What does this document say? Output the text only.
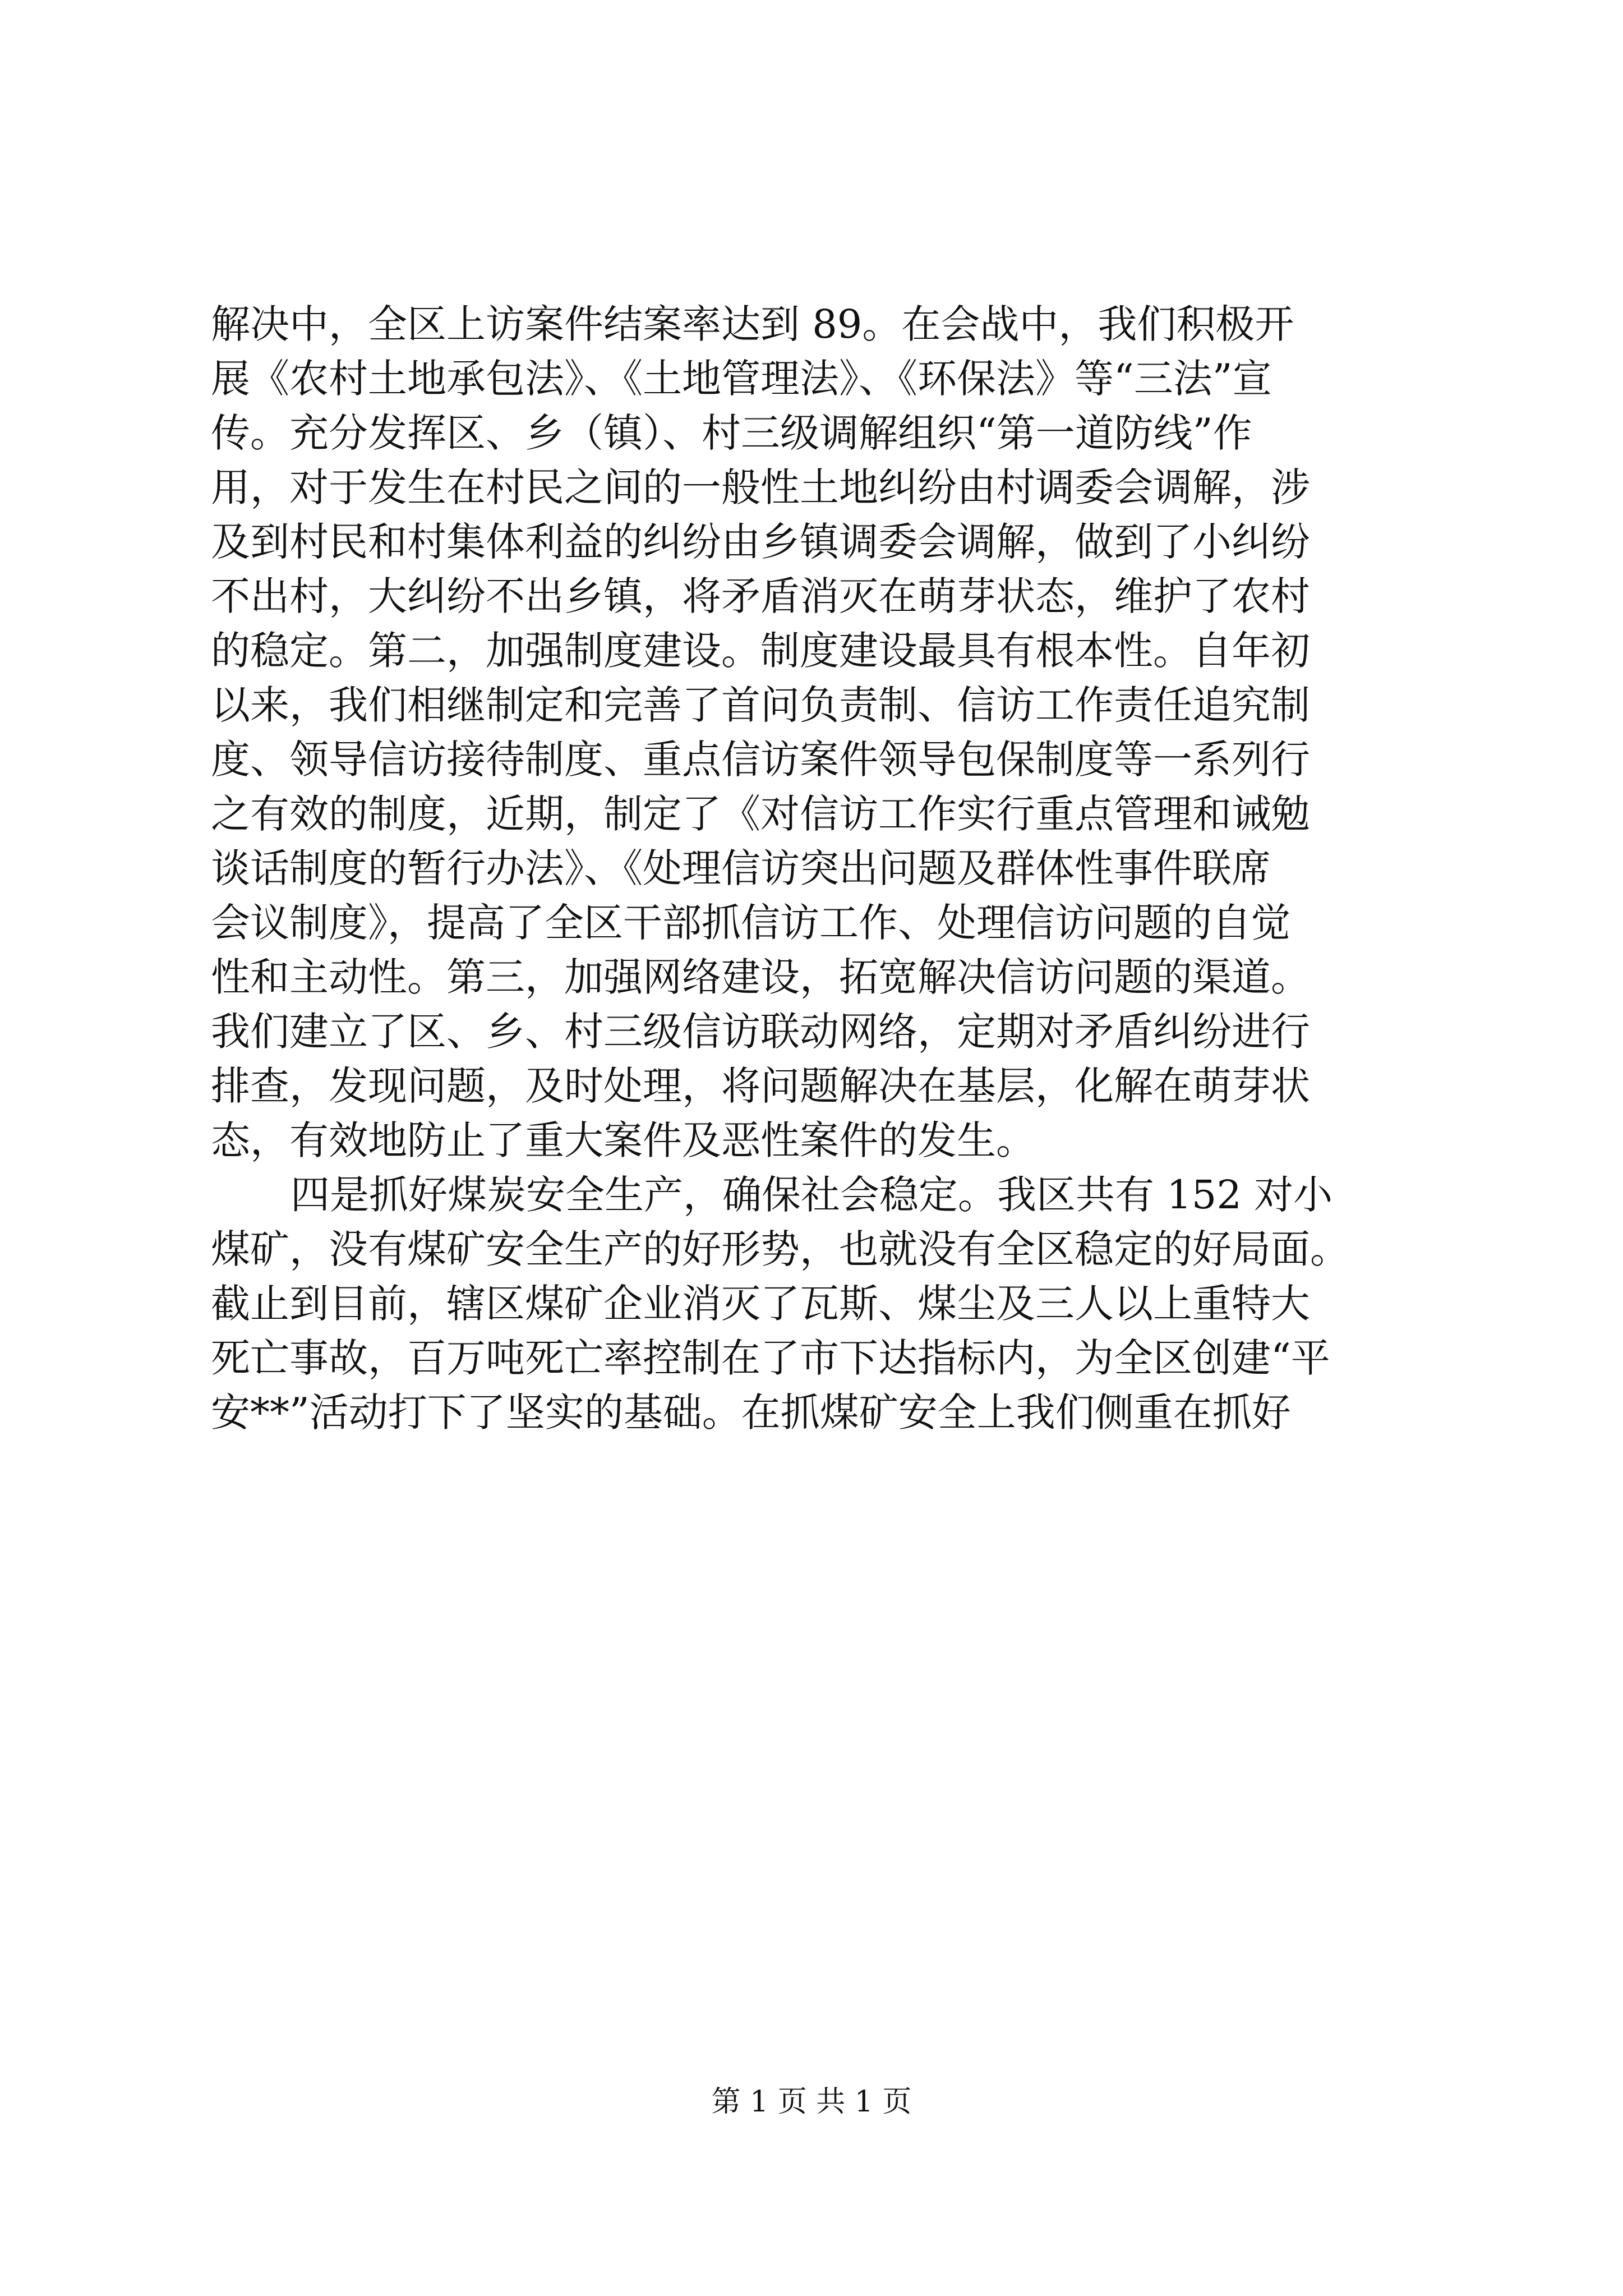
解决中，全区上访案件结案率达到 89。在会战中，我们积极开
展《农村土地承包法》、《土地管理法》、《环保法》等“三法”宣
传。充分发挥区、乡（镇）、村三级调解组织“第一道防线”作
用，对于发生在村民之间的一般性土地纠纷由村调委会调解，涉
及到村民和村集体利益的纠纷由乡镇调委会调解，做到了小纠纷
不出村，大纠纷不出乡镇，将矛盾消灭在萌芽状态，维护了农村
的稳定。第二，加强制度建设。制度建设最具有根本性。自年初
以来，我们相继制定和完善了首问负责制、信访工作责任追究制
度、领导信访接待制度、重点信访案件领导包保制度等一系列行
之有效的制度，近期，制定了《对信访工作实行重点管理和诫勉
谈话制度的暂行办法》、《处理信访突出问题及群体性事件联席
会议制度》，提高了全区干部抓信访工作、处理信访问题的自觉
性和主动性。第三，加强网络建设，拓宽解决信访问题的渠道。
我们建立了区、乡、村三级信访联动网络，定期对矛盾纠纷进行
排查，发现问题，及时处理，将问题解决在基层，化解在萌芽状
态，有效地防止了重大案件及恶性案件的发生。
四是抓好煤炭安全生产，确保社会稳定。我区共有 152 对小
煤矿，没有煤矿安全生产的好形势，也就没有全区稳定的好局面。
截止到目前，辖区煤矿企业消灭了瓦斯、煤尘及三人以上重特大
死亡事故，百万吨死亡率控制在了市下达指标内，为全区创建“平
安**”活动打下了坚实的基础。在抓煤矿安全上我们侧重在抓好
第 1 页 共 1 页
